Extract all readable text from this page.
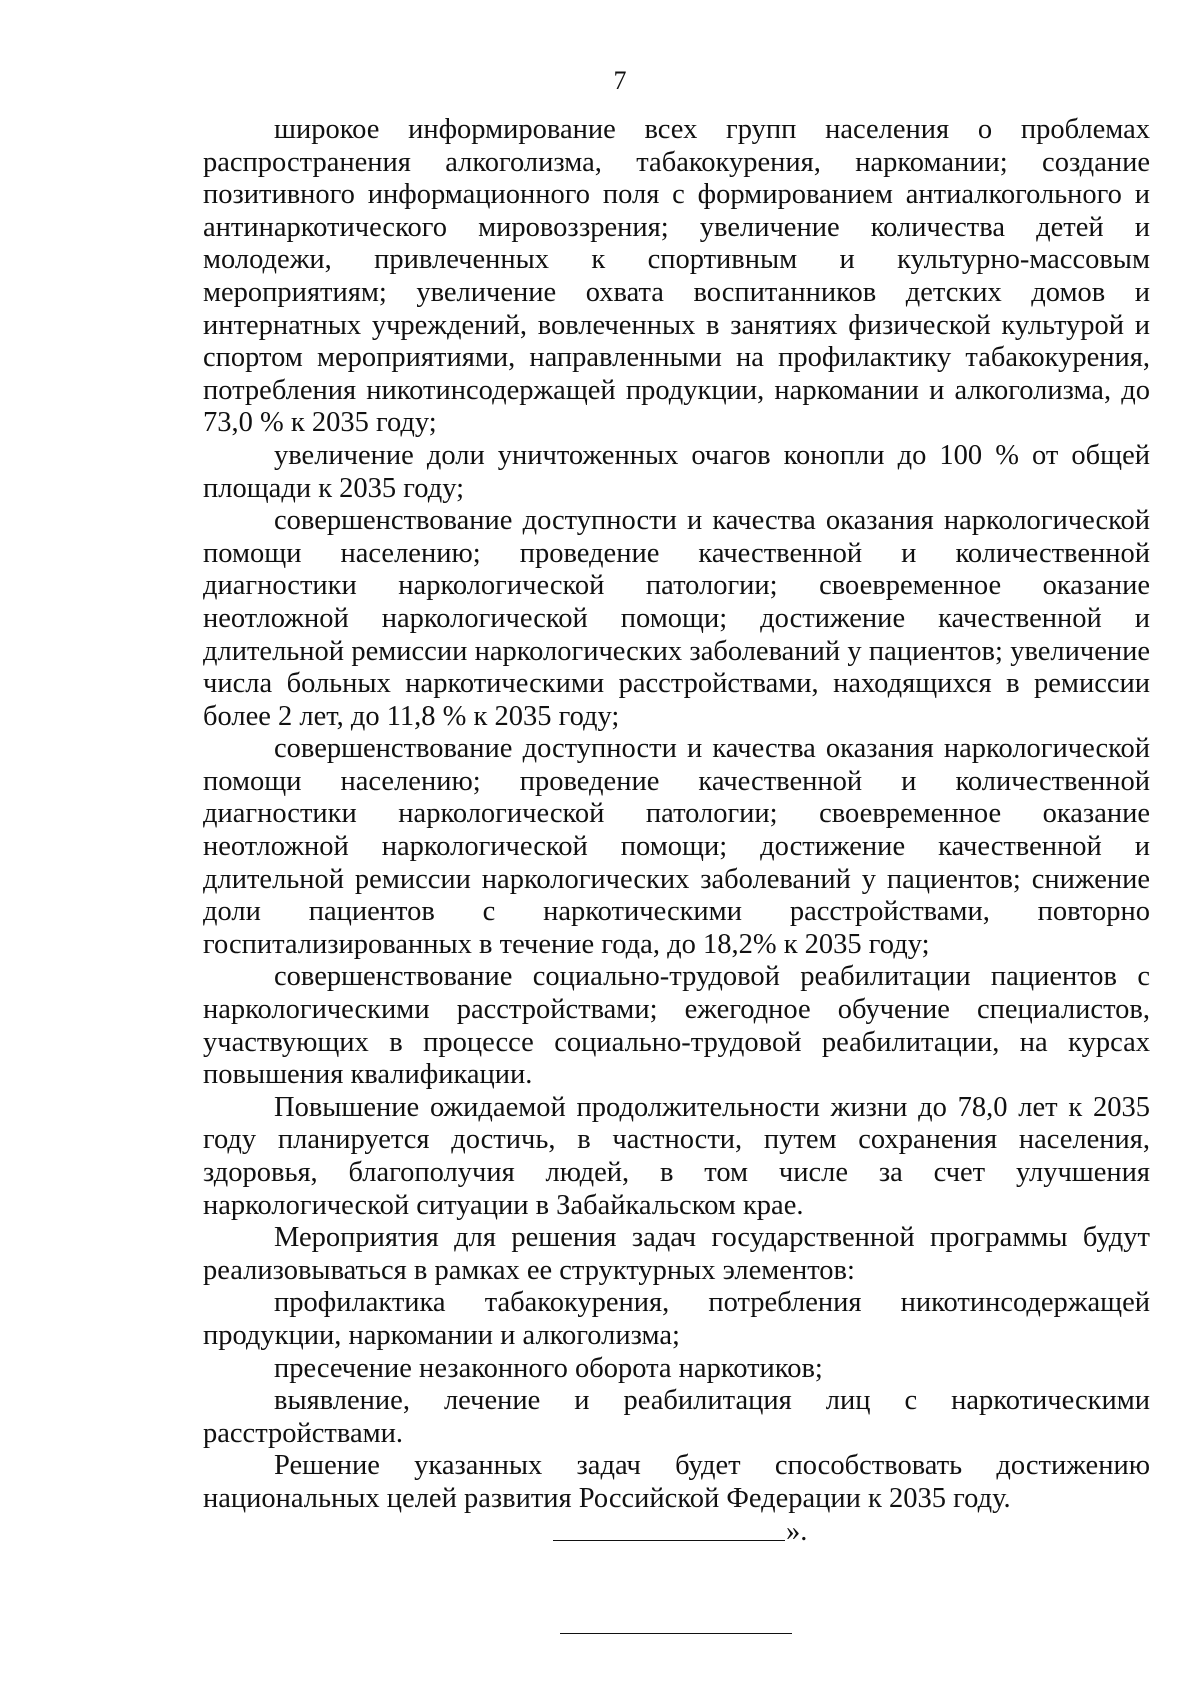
7

широкое информирование всех групп населения о проблемах распространения алкоголизма, табакокурения, наркомании; создание позитивного информационного поля с формированием антиалкогольного и антинаркотического мировоззрения; увеличение количества детей и молодежи, привлеченных к спортивным и культурно-массовым мероприятиям; увеличение охвата воспитанников детских домов и интернатных учреждений, вовлеченных в занятиях физической культурой и спортом мероприятиями, направленными на профилактику табакокурения, потребления никотинсодержащей продукции, наркомании и алкоголизма, до 73,0 % к 2035 году;

увеличение доли уничтоженных очагов конопли до 100 % от общей площади к 2035 году;

совершенствование доступности и качества оказания наркологической помощи населению; проведение качественной и количественной диагностики наркологической патологии; своевременное оказание неотложной наркологической помощи; достижение качественной и длительной ремиссии наркологических заболеваний у пациентов; увеличение числа больных наркотическими расстройствами, находящихся в ремиссии более 2 лет, до 11,8 % к 2035 году;

совершенствование доступности и качества оказания наркологической помощи населению; проведение качественной и количественной диагностики наркологической патологии; своевременное оказание неотложной наркологической помощи; достижение качественной и длительной ремиссии наркологических заболеваний у пациентов; снижение доли пациентов с наркотическими расстройствами, повторно госпитализированных в течение года, до 18,2% к 2035 году;

совершенствование социально-трудовой реабилитации пациентов с наркологическими расстройствами; ежегодное обучение специалистов, участвующих в процессе социально-трудовой реабилитации, на курсах повышения квалификации.

Повышение ожидаемой продолжительности жизни до 78,0 лет к 2035 году планируется достичь, в частности, путем сохранения населения, здоровья, благополучия людей, в том числе за счет улучшения наркологической ситуации в Забайкальском крае.

Мероприятия для решения задач государственной программы будут реализовываться в рамках ее структурных элементов:

профилактика табакокурения, потребления никотинсодержащей продукции, наркомании и алкоголизма;

пресечение незаконного оборота наркотиков;

выявление, лечение и реабилитация лиц с наркотическими расстройствами.

Решение указанных задач будет способствовать достижению национальных целей развития Российской Федерации к 2035 году.

».
